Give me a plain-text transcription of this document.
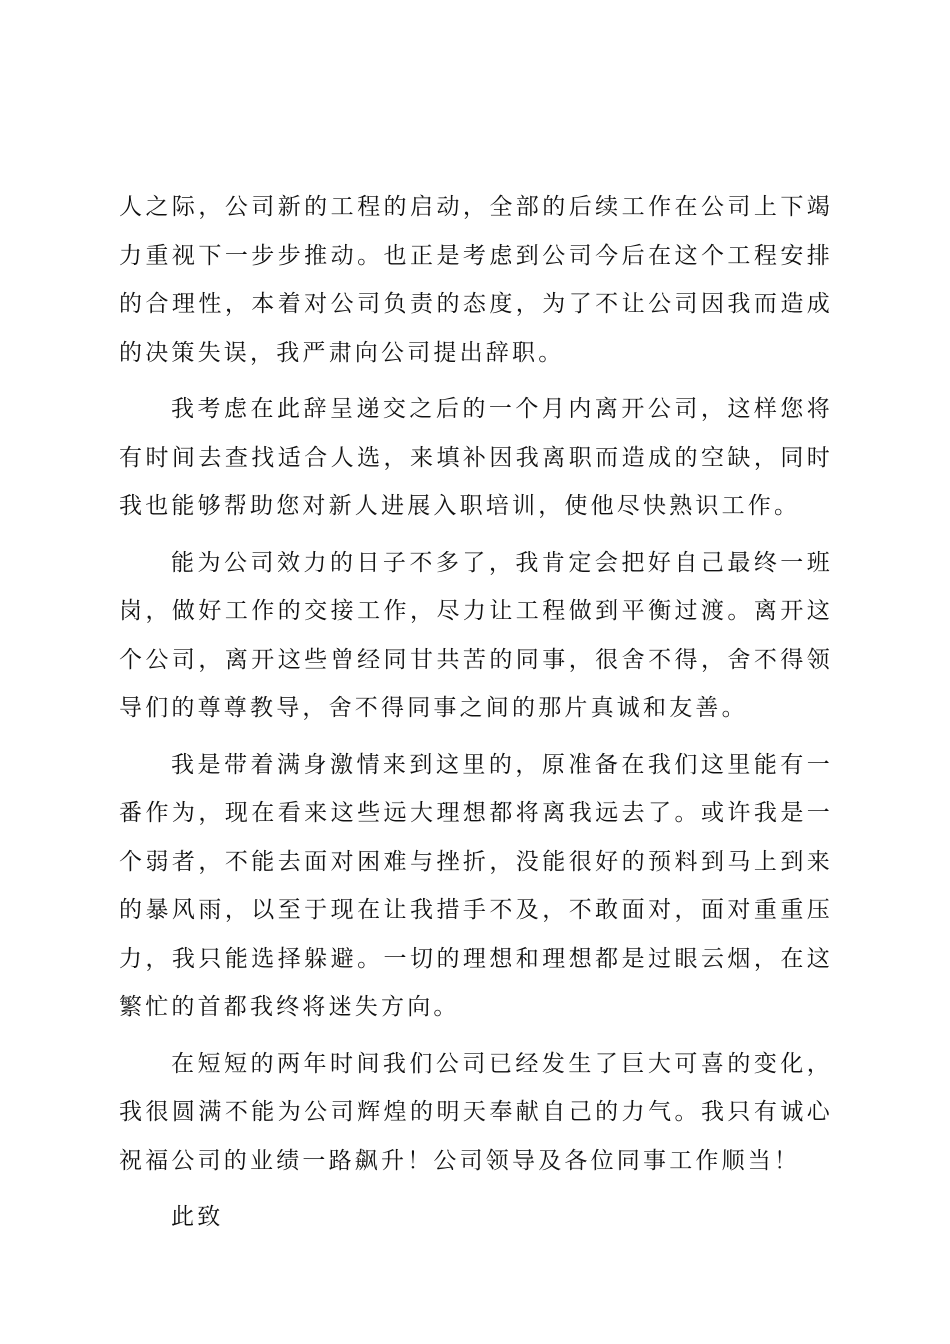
人之际，公司新的工程的启动，全部的后续工作在公司上下竭力重视下一步步推动。也正是考虑到公司今后在这个工程安排的合理性，本着对公司负责的态度，为了不让公司因我而造成的决策失误，我严肃向公司提出辞职。

我考虑在此辞呈递交之后的一个月内离开公司，这样您将有时间去查找适合人选，来填补因我离职而造成的空缺，同时我也能够帮助您对新人进展入职培训，使他尽快熟识工作。

能为公司效力的日子不多了，我肯定会把好自己最终一班岗，做好工作的交接工作，尽力让工程做到平衡过渡。离开这个公司，离开这些曾经同甘共苦的同事，很舍不得，舍不得领导们的尊尊教导，舍不得同事之间的那片真诚和友善。

我是带着满身激情来到这里的，原准备在我们这里能有一番作为，现在看来这些远大理想都将离我远去了。或许我是一个弱者，不能去面对困难与挫折，没能很好的预料到马上到来的暴风雨，以至于现在让我措手不及，不敢面对，面对重重压力，我只能选择躲避。一切的理想和理想都是过眼云烟，在这繁忙的首都我终将迷失方向。

在短短的两年时间我们公司已经发生了巨大可喜的变化，我很圆满不能为公司辉煌的明天奉献自己的力气。我只有诚心祝福公司的业绩一路飙升！公司领导及各位同事工作顺当！

此致
